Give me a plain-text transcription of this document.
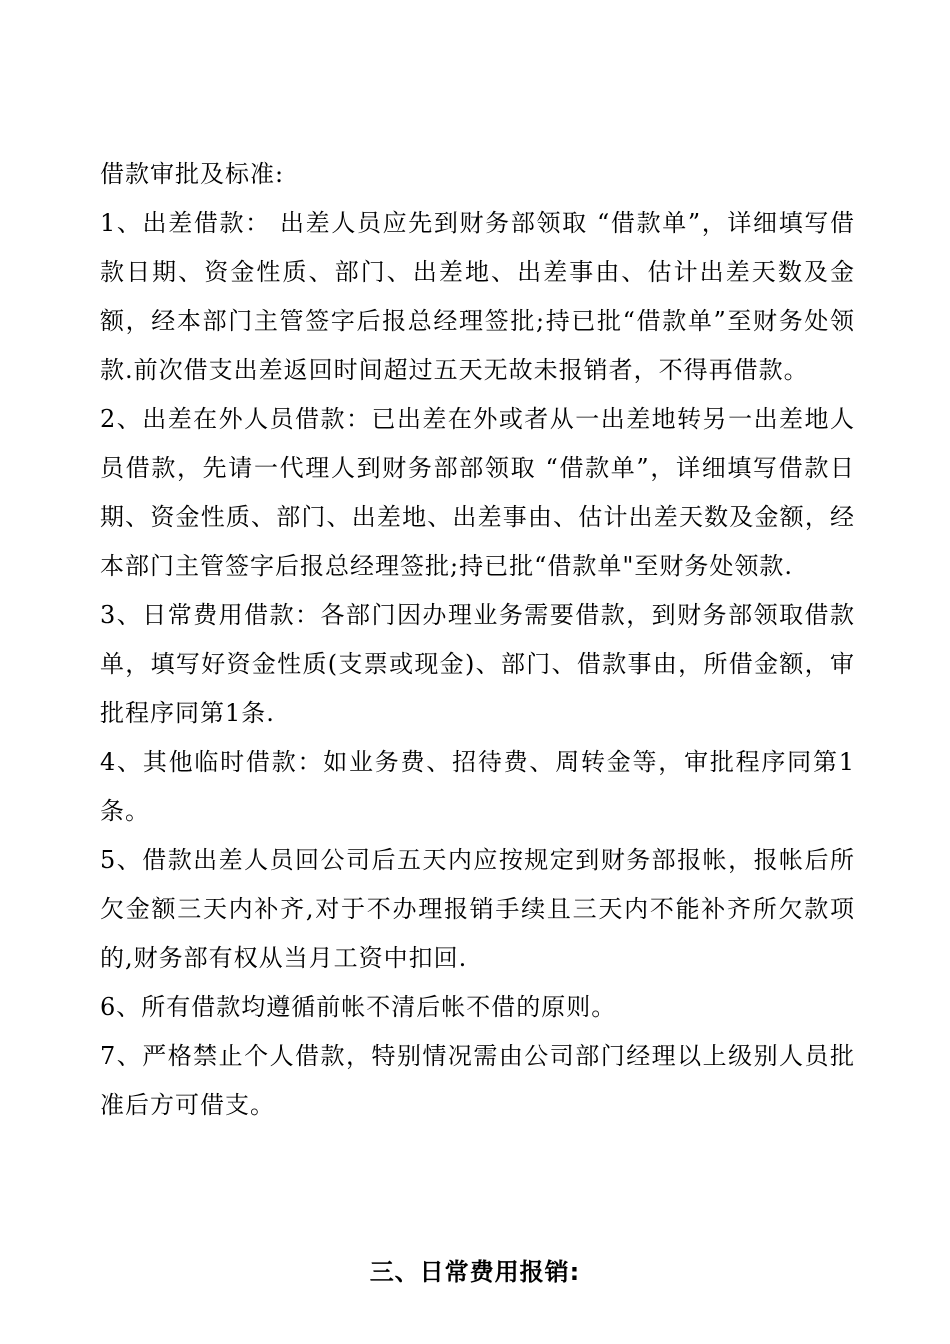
借款审批及标准:

1、出差借款： 出差人员应先到财务部领取 “借款单”，详细填写借款日期、资金性质、部门、出差地、出差事由、估计出差天数及金额，经本部门主管签字后报总经理签批;持已批“借款单”至财务处领款.前次借支出差返回时间超过五天无故未报销者，不得再借款。

2、出差在外人员借款：已出差在外或者从一出差地转另一出差地人员借款，先请一代理人到财务部部领取 “借款单”，详细填写借款日期、资金性质、部门、出差地、出差事由、估计出差天数及金额，经本部门主管签字后报总经理签批;持已批“借款单"至财务处领款.

3、日常费用借款：各部门因办理业务需要借款，到财务部领取借款单，填写好资金性质(支票或现金)、部门、借款事由，所借金额，审批程序同第1条.

4、其他临时借款：如业务费、招待费、周转金等，审批程序同第1条。

5、借款出差人员回公司后五天内应按规定到财务部报帐，报帐后所欠金额三天内补齐,对于不办理报销手续且三天内不能补齐所欠款项的,财务部有权从当月工资中扣回.

6、所有借款均遵循前帐不清后帐不借的原则。

7、严格禁止个人借款，特别情况需由公司部门经理以上级别人员批准后方可借支。

三、日常费用报销:
